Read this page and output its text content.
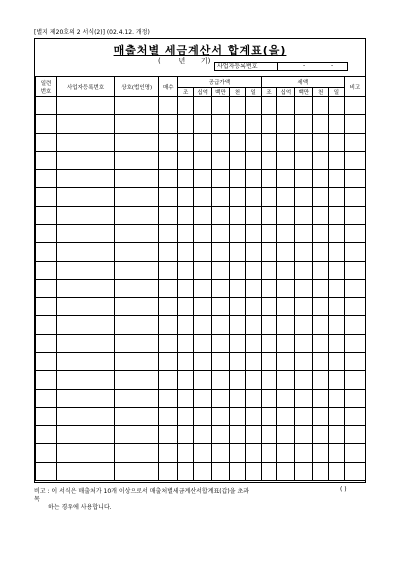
[별지 제20호의 2 서식(2)] (02.4.12. 개정)
매출처별 세금계산서 합계표(을)
(        년       기)
사업자등록번호	-	-
일련
번호	사업자등록번호	상호(법인명)	매수	공급가액					세액					비고
				조	십억	백만	천	일	조	십억	백만	천	일	

비고 : 이 서식은 매출처가 10개 이상으로서 매출처별세금계산서합계표(갑)을 초과	( )
목
하는 경우에 사용합니다.
